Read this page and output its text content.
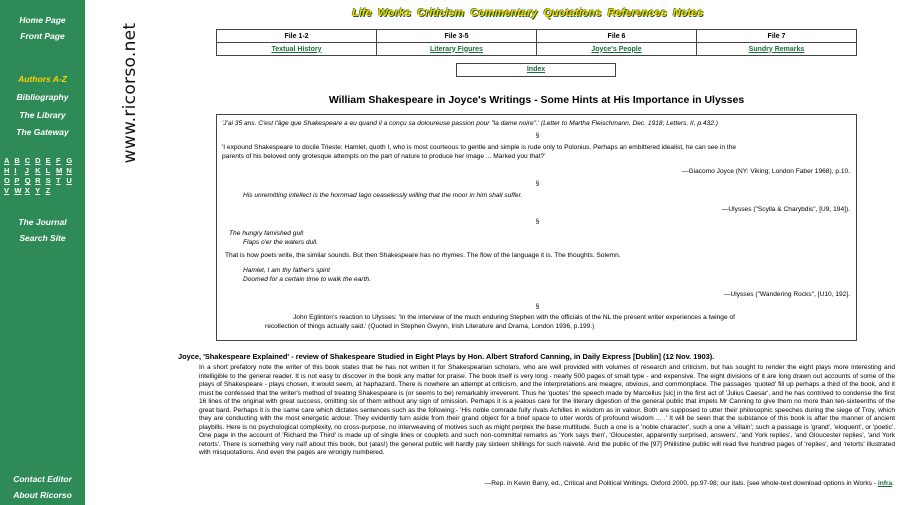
Home Page
Front Page
Authors A-Z
Bibliography
The Library
The Gateway
A B C D E F G
H I J K L M N
O P Q R S T U
V W X Y Z
The Journal
Search Site
Contact Editor
About Ricorso
www.ricorso.net
Life Works Criticism Commentary Quotations References Notes
File 1-2	File 3-5	File 6	File 7
Textual History	Literary Figures	Joyce's People	Sundry Remarks
Index
William Shakespeare in Joyce's Writings - Some Hints at His Importance in Ulysses
'J'ai 35 ans. C'est l'âge que Shakespeare a eu quand il a conçu sa doloureuse passion pour "la dame noire".' (Letter to Martha Fleischmann, Dec. 1918; Letters, II, p.432.)
§
'I expound Shakespeare to docile Trieste: Hamlet, quoth I, who is most courteous to gentle and simple is rude only to Polonius. Perhaps an embittered idealist, he can see in the
parents of his beloved only grotesque attempts on the part of nature to produce her image ... Marked you that?'
—Giacomo Joyce (NY: Viking; London Faber 1968), p.10.
§
His unremitting intellect is the hornmad Iago ceaselessly willing that the moor in him shall suffer.
—Ulysses ("Scylla & Charybdis", [U9, 194]).
§
The hungry famished gull
Flaps o'er the waters dull.
That is how poets write, the similar sounds. But then Shakespeare has no rhymes. The flow of the language it is. The thoughts. Solemn.
Hamlet, I am thy father's spirit
Doomed for a certain time to walk the earth.
—Ulysses ("Wandering Rocks", [U10, 192].
§
John Eglinton's reaction to Ulysses: 'In the interview of the much enduring Stephen with the officials of the NL the present writer experiences a twinge of
recollection of things actually said.' (Quoted in Stephen Gwynn, Irish Literature and Drama, London 1936, p.199.)
Joyce, 'Shakespeare Explained' - review of Shakespeare Studied in Eight Plays by Hon. Albert Straford Canning, in Daily Express [Dublin] (12 Nov. 1903).
In a short prefatory note the writer of this book states that he has not written it for Shakespearian scholars, who are well provided with volumes of research and criticism, but has sought to render the eight plays more interesting and intelligible to the general reader. It is not easy to discover in the book any matter for praise. The book itself is very long - nearly 500 pages of small type - and expensive. The eight divisions of it are long drawn out accounts of some of the plays of Shakespeare - plays chosen, it would seem, at haphazard. There is nowhere an attempt at criticism, and the interpretations are meagre, obvious, and commonplace. The passages 'quoted' fill up perhaps a third of the book, and it must be confessed that the writer's method of treating Shakespeare is (or seems to be) remarkably irreverent. Thus he 'quotes' the speech made by Marcellus [sic] in the first act of 'Julius Caesar', and he has contrived to condense the first 16 lines of the original with great success, omitting six of them without any sign of omission. Perhaps it is a jealous care for the literary digestion of the general public that impels Mr Canning to give them no more than ten-sixteenths of the great bard. Perhaps it is the same care which dictates sentences such as the following:- 'His noble comrade fully rivals Achilles in wisdom as in valour. Both are supposed to utter their philosophic speeches during the siege of Troy, which they are conducting with the most energetic ardour. They evidently turn aside from their grand object for a brief space to utter words of profound wisdom ... .' It will be seen that the substance of this book is after the manner of ancient playbills. Here is no psychological complexity, no cross-purpose, no interweaving of motives such as might perplex the base multitude. Such a one is a 'noble character', such a one a 'villain'; such a passage is 'grand', 'eloquent', or 'poetic'. One page in the account of 'Richard the Third' is made up of single lines or couplets and such non-committal remarks as 'York says then', 'Gloucester, apparently surprised, answers', 'and York replies', 'and Gloucester replies', 'and York retorts'. There is something very naïf about this book, but (alas!) the general public will hardly pay sixteen shillings for such naiveté. And the public of the [97] Philistine public will read five hundred pages of 'replies', and 'retorts' illustrated with misquotations. And even the pages are wrongly numbered.
—Rep. in Kevin Barry, ed., Critical and Political Writings, Oxford 2000, pp.97-98; our itals. [see whole-text download options in Works - infra.
